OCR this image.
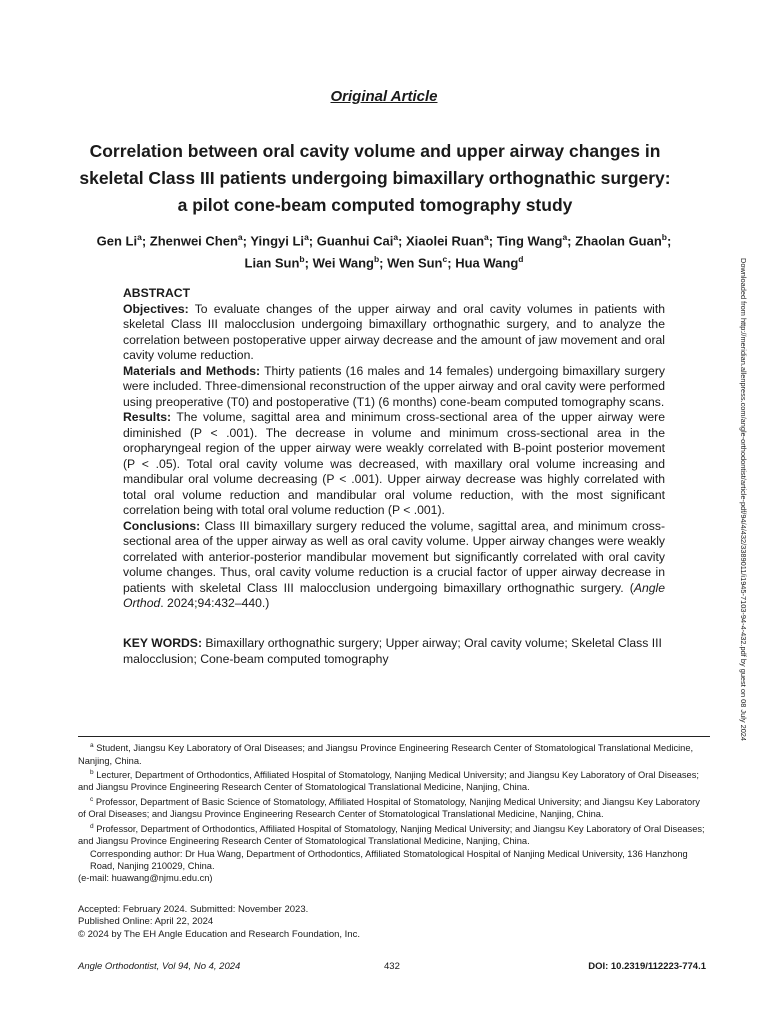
Original Article
Correlation between oral cavity volume and upper airway changes in
skeletal Class III patients undergoing bimaxillary orthognathic surgery:
a pilot cone-beam computed tomography study

Gen Li$^a$; Zhenwei Chen$^a$; Yingyi Li$^a$; Guanhui Cai$^a$; Xiaolei Ruan$^a$; Ting Wang$^a$; Zhaolan Guan$^b$;
Lian Sun$^b$; Wei Wang$^b$; Wen Sun$^c$; Hua Wang$^d$

ABSTRACT

Objectives: To evaluate changes of the upper airway and oral cavity volumes in patients with skeletal Class III malocclusion undergoing bimaxillary orthognathic surgery, and to analyze the correlation between postoperative upper airway decrease and the amount of jaw movement and oral cavity volume reduction.

Materials and Methods: Thirty patients (16 males and 14 females) undergoing bimaxillary surgery were included. Three-dimensional reconstruction of the upper airway and oral cavity were performed using preoperative (T0) and postoperative (T1) (6 months) cone-beam computed tomography scans.

Results: The volume, sagittal area and minimum cross-sectional area of the upper airway were diminished (P < .001). The decrease in volume and minimum cross-sectional area in the oropharyngeal region of the upper airway were weakly correlated with B-point posterior movement (P < .05). Total oral cavity volume was decreased, with maxillary oral volume increasing and mandibular oral volume decreasing (P < .001). Upper airway decrease was highly correlated with total oral volume reduction and mandibular oral volume reduction, with the most significant correlation being with total oral volume reduction (P < .001).

Conclusions: Class III bimaxillary surgery reduced the volume, sagittal area, and minimum cross-sectional area of the upper airway as well as oral cavity volume. Upper airway changes were weakly correlated with anterior-posterior mandibular movement but significantly correlated with oral cavity volume changes. Thus, oral cavity volume reduction is a crucial factor of upper airway decrease in patients with skeletal Class III malocclusion undergoing bimaxillary orthognathic surgery. (Angle Orthod. 2024;94:432–440.)

KEY WORDS: Bimaxillary orthognathic surgery; Upper airway; Oral cavity volume; Skeletal Class III malocclusion; Cone-beam computed tomography	Downloaded from http://meridian.allenpress.com/angle-orthodontist/article-pdf/94/4/432/3389011/i1945-7103-94-4-432.pdf by guest on 08 July 2024

$^a$ Student, Jiangsu Key Laboratory of Oral Diseases; and Jiangsu Province Engineering Research Center of Stomatological Translational Medicine, Nanjing, China.

$^b$ Lecturer, Department of Orthodontics, Affiliated Hospital of Stomatology, Nanjing Medical University; and Jiangsu Key Laboratory of Oral Diseases; and Jiangsu Province Engineering Research Center of Stomatological Translational Medicine, Nanjing, China.

$^c$ Professor, Department of Basic Science of Stomatology, Affiliated Hospital of Stomatology, Nanjing Medical University; and Jiangsu Key Laboratory of Oral Diseases; and Jiangsu Province Engineering Research Center of Stomatological Translational Medicine, Nanjing, China.

$^d$ Professor, Department of Orthodontics, Affiliated Hospital of Stomatology, Nanjing Medical University; and Jiangsu Key Laboratory of Oral Diseases; and Jiangsu Province Engineering Research Center of Stomatological Translational Medicine, Nanjing, China.

Corresponding author: Dr Hua Wang, Department of Orthodontics, Affiliated Stomatological Hospital of Nanjing Medical University, 136 Hanzhong Road, Nanjing 210029, China.

(e-mail: huawang@njmu.edu.cn)

Accepted: February 2024. Submitted: November 2023.

Published Online: April 22, 2024

© 2024 by The EH Angle Education and Research Foundation, Inc.

Angle Orthodontist, Vol 94, No 4, 2024	432	DOI: 10.2319/112223-774.1
